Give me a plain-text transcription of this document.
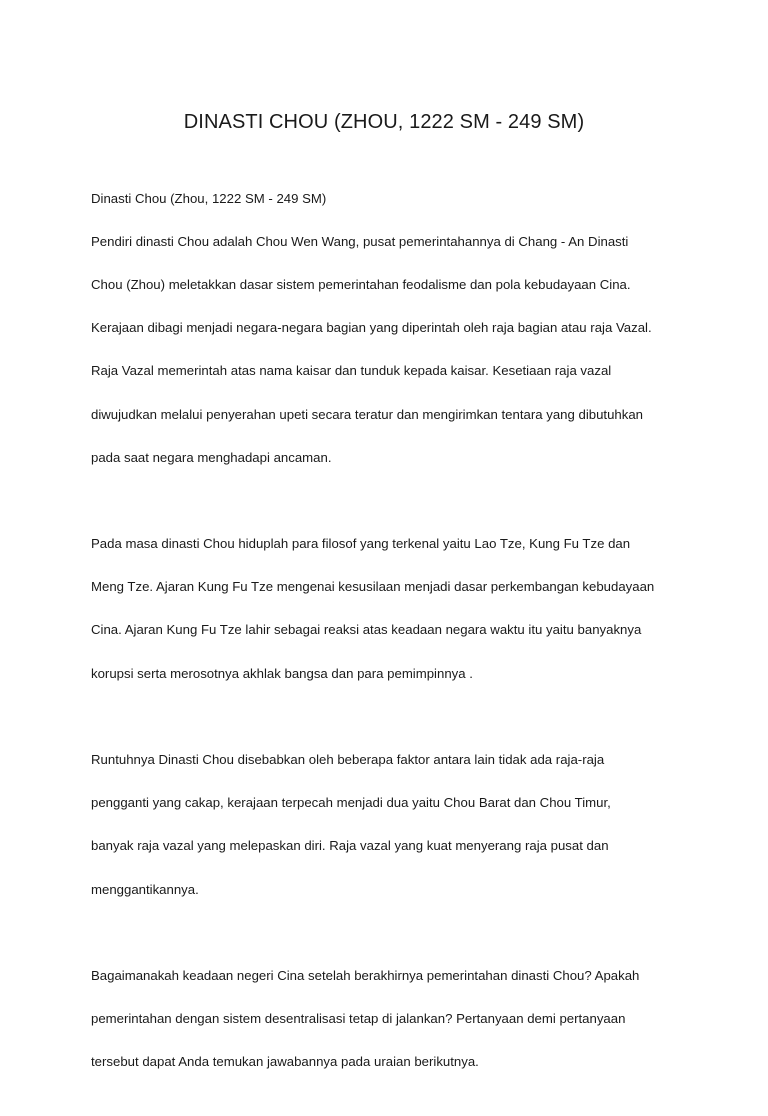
DINASTI CHOU (ZHOU, 1222 SM - 249 SM)

Dinasti Chou (Zhou, 1222 SM - 249 SM)

Pendiri dinasti Chou adalah Chou Wen Wang, pusat pemerintahannya di Chang - An Dinasti

Chou (Zhou) meletakkan dasar sistem pemerintahan feodalisme dan pola kebudayaan Cina.

Kerajaan dibagi menjadi negara-negara bagian yang diperintah oleh raja bagian atau raja Vazal.

Raja Vazal memerintah atas nama kaisar dan tunduk kepada kaisar. Kesetiaan raja vazal

diwujudkan melalui penyerahan upeti secara teratur dan mengirimkan tentara yang dibutuhkan

pada saat negara menghadapi ancaman.

Pada masa dinasti Chou hiduplah para filosof yang terkenal yaitu Lao Tze, Kung Fu Tze dan

Meng Tze. Ajaran Kung Fu Tze mengenai kesusilaan menjadi dasar perkembangan kebudayaan

Cina. Ajaran Kung Fu Tze lahir sebagai reaksi atas keadaan negara waktu itu yaitu banyaknya

korupsi serta merosotnya akhlak bangsa dan para pemimpinnya .

Runtuhnya Dinasti Chou disebabkan oleh beberapa faktor antara lain tidak ada raja-raja

pengganti yang cakap, kerajaan terpecah menjadi dua yaitu Chou Barat dan Chou Timur,

banyak raja vazal yang melepaskan diri. Raja vazal yang kuat menyerang raja pusat dan

menggantikannya.

Bagaimanakah keadaan negeri Cina setelah berakhirnya pemerintahan dinasti Chou? Apakah

pemerintahan dengan sistem desentralisasi tetap di jalankan? Pertanyaan demi pertanyaan

tersebut dapat Anda temukan jawabannya pada uraian berikutnya.
